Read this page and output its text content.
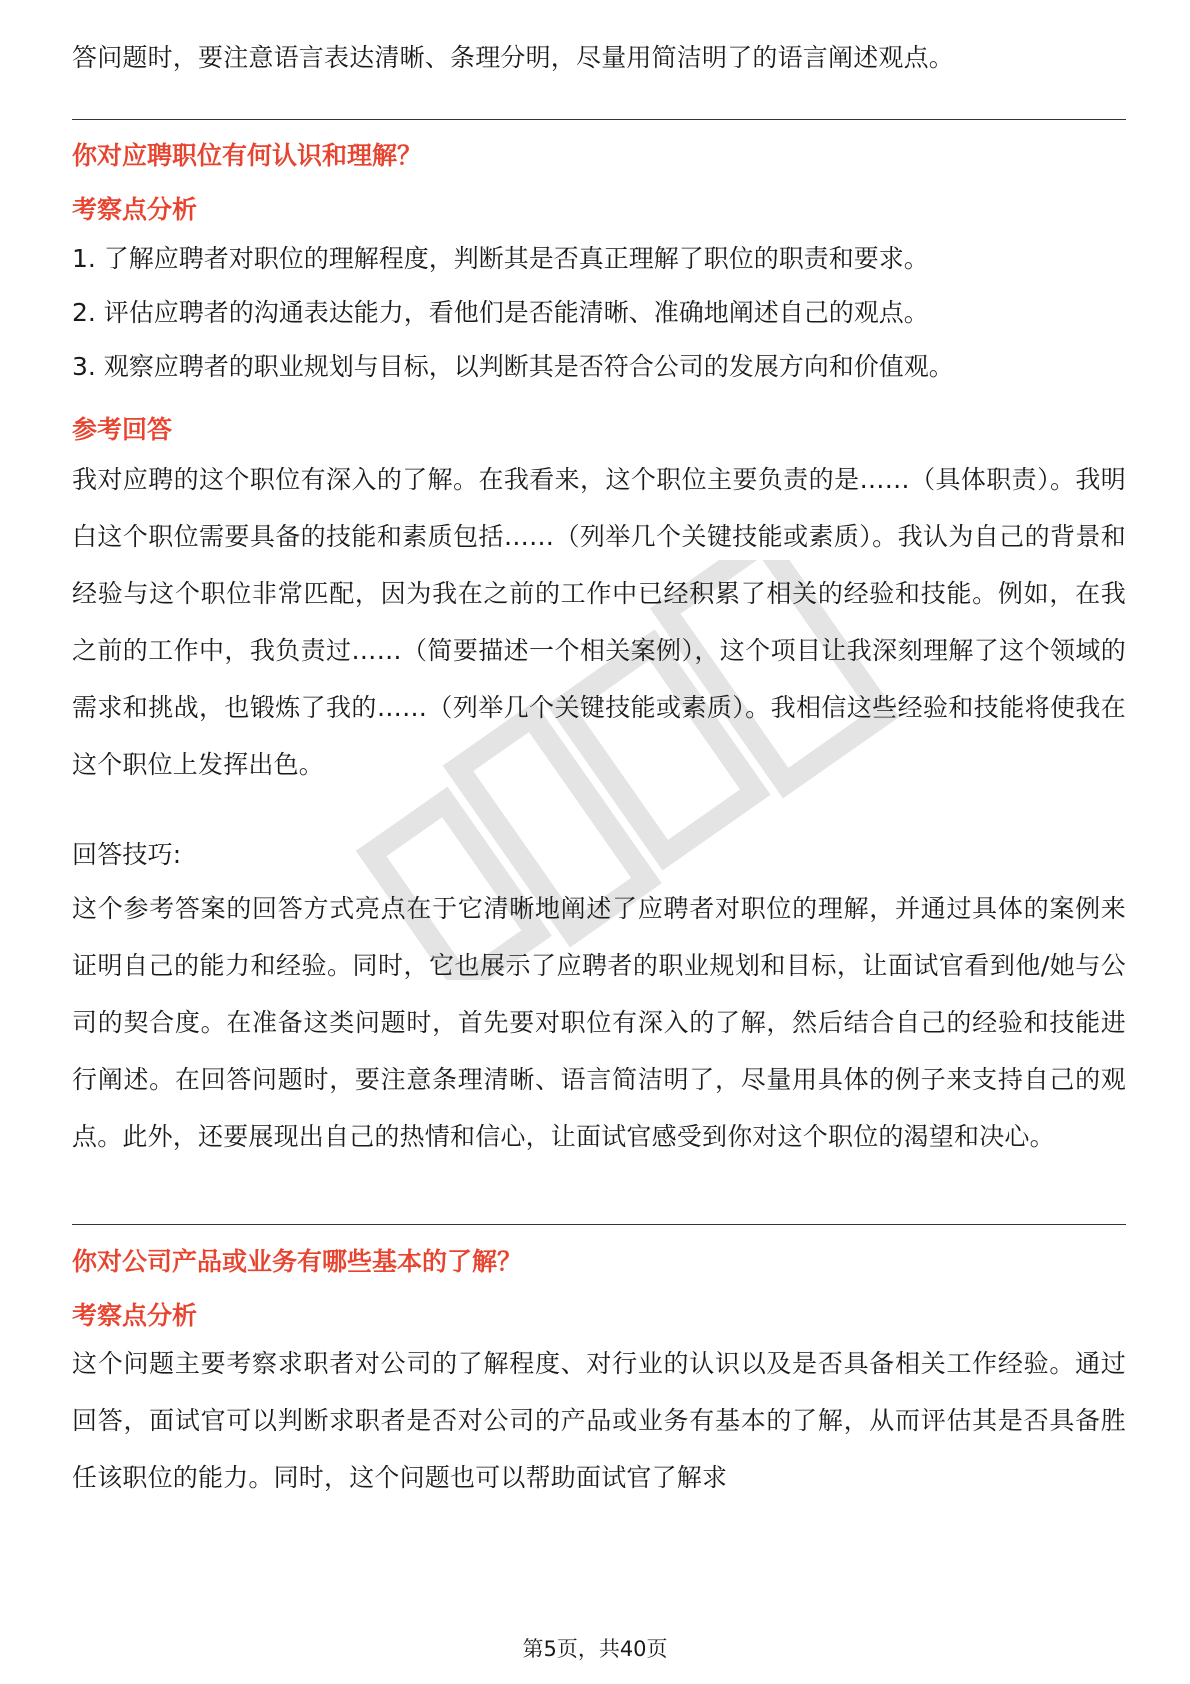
答问题时，要注意语言表达清晰、条理分明，尽量用简洁明了的语言阐述观点。

你对应聘职位有何认识和理解？
考察点分析

1. 了解应聘者对职位的理解程度，判断其是否真正理解了职位的职责和要求。

2. 评估应聘者的沟通表达能力，看他们是否能清晰、准确地阐述自己的观点。

3. 观察应聘者的职业规划与目标，以判断其是否符合公司的发展方向和价值观。

参考回答

我对应聘的这个职位有深入的了解。在我看来，这个职位主要负责的是……（具体职责）。我明白这个职位需要具备的技能和素质包括……（列举几个关键技能或素质）。我认为自己的背景和经验与这个职位非常匹配，因为我在之前的工作中已经积累了相关的经验和技能。例如，在我之前的工作中，我负责过……（简要描述一个相关案例），这个项目让我深刻理解了这个领域的需求和挑战，也锻炼了我的……（列举几个关键技能或素质）。我相信这些经验和技能将使我在这个职位上发挥出色。

回答技巧:

这个参考答案的回答方式亮点在于它清晰地阐述了应聘者对职位的理解，并通过具体的案例来证明自己的能力和经验。同时，它也展示了应聘者的职业规划和目标，让面试官看到他/她与公司的契合度。在准备这类问题时，首先要对职位有深入的了解，然后结合自己的经验和技能进行阐述。在回答问题时，要注意条理清晰、语言简洁明了，尽量用具体的例子来支持自己的观点。此外，还要展现出自己的热情和信心，让面试官感受到你对这个职位的渴望和决心。

你对公司产品或业务有哪些基本的了解？
考察点分析

这个问题主要考察求职者对公司的了解程度、对行业的认识以及是否具备相关工作经验。通过回答，面试官可以判断求职者是否对公司的产品或业务有基本的了解，从而评估其是否具备胜任该职位的能力。同时，这个问题也可以帮助面试官了解求

第5页，共40页
